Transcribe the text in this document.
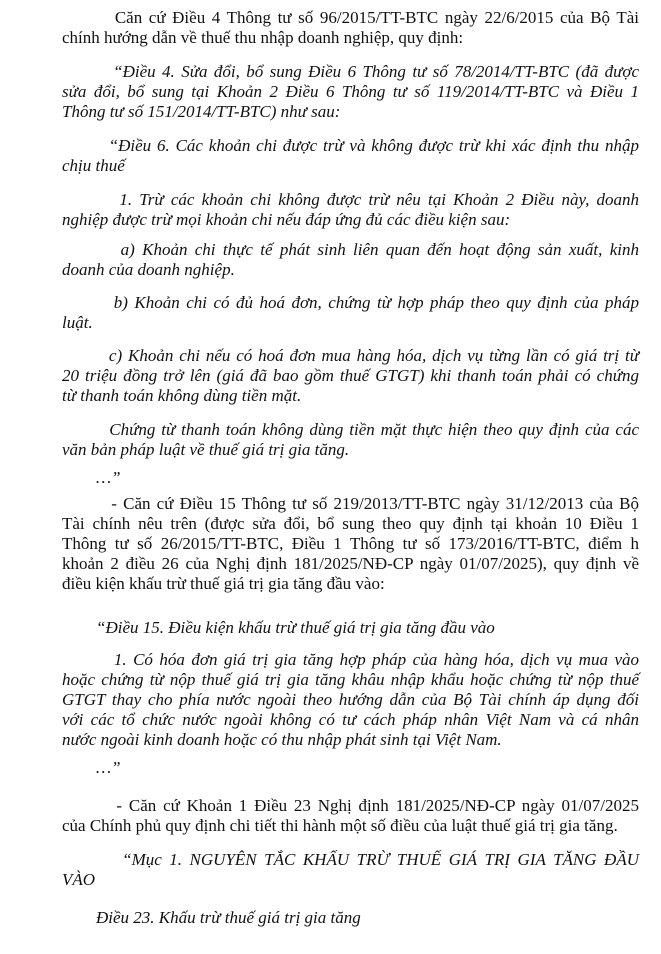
Căn cứ Điều 4 Thông tư số 96/2015/TT-BTC ngày 22/6/2015 của Bộ Tài
chính hướng dẫn về thuế thu nhập doanh nghiệp, quy định:

“Điều 4. Sửa đổi, bổ sung Điều 6 Thông tư số 78/2014/TT-BTC (đã được
sửa đổi, bổ sung tại Khoản 2 Điều 6 Thông tư số 119/2014/TT-BTC và Điều 1
Thông tư số 151/2014/TT-BTC) như sau:

“Điều 6. Các khoản chi được trừ và không được trừ khi xác định thu nhập
chịu thuế

1. Trừ các khoản chi không được trừ nêu tại Khoản 2 Điều này, doanh
nghiệp được trừ mọi khoản chi nếu đáp ứng đủ các điều kiện sau:

a) Khoản chi thực tế phát sinh liên quan đến hoạt động sản xuất, kinh
doanh của doanh nghiệp.

b) Khoản chi có đủ hoá đơn, chứng từ hợp pháp theo quy định của pháp
luật.

c) Khoản chi nếu có hoá đơn mua hàng hóa, dịch vụ từng lần có giá trị từ
20 triệu đồng trở lên (giá đã bao gồm thuế GTGT) khi thanh toán phải có chứng
từ thanh toán không dùng tiền mặt.

Chứng từ thanh toán không dùng tiền mặt thực hiện theo quy định của các
văn bản pháp luật về thuế giá trị gia tăng.

…”

- Căn cứ Điều 15 Thông tư số 219/2013/TT-BTC ngày 31/12/2013 của Bộ
Tài chính nêu trên (được sửa đổi, bổ sung theo quy định tại khoản 10 Điều 1
Thông tư số 26/2015/TT-BTC, Điều 1 Thông tư số 173/2016/TT-BTC, điểm h
khoản 2 điều 26 của Nghị định 181/2025/NĐ-CP ngày 01/07/2025), quy định về
điều kiện khấu trừ thuế giá trị gia tăng đầu vào:

“Điều 15. Điều kiện khấu trừ thuế giá trị gia tăng đầu vào

1. Có hóa đơn giá trị gia tăng hợp pháp của hàng hóa, dịch vụ mua vào
hoặc chứng từ nộp thuế giá trị gia tăng khâu nhập khẩu hoặc chứng từ nộp thuế
GTGT thay cho phía nước ngoài theo hướng dẫn của Bộ Tài chính áp dụng đối
với các tổ chức nước ngoài không có tư cách pháp nhân Việt Nam và cá nhân
nước ngoài kinh doanh hoặc có thu nhập phát sinh tại Việt Nam.

…”

- Căn cứ Khoản 1 Điều 23 Nghị định 181/2025/NĐ-CP ngày 01/07/2025
của Chính phủ quy định chi tiết thi hành một số điều của luật thuế giá trị gia tăng.

“Mục 1. NGUYÊN TẮC KHẤU TRỪ THUẾ GIÁ TRỊ GIA TĂNG ĐẦU
VÀO

Điều 23. Khấu trừ thuế giá trị gia tăng
